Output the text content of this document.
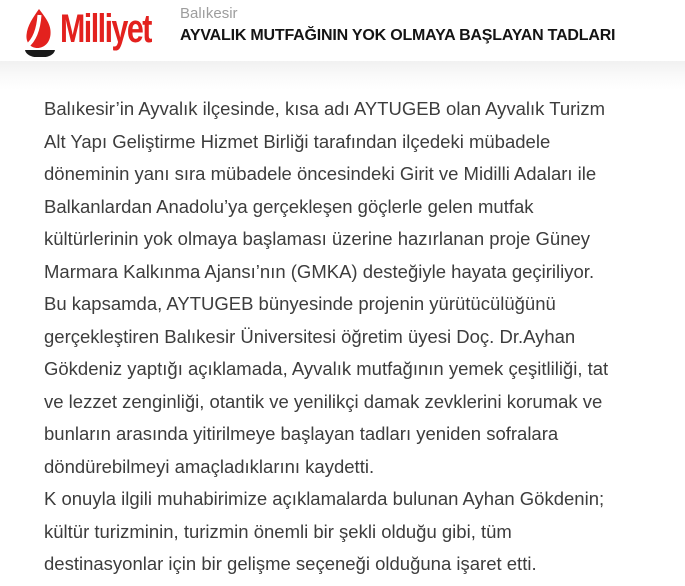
Milliyet Balıkesir
AYVALIK MUTFAĞININ YOK OLMAYA BAŞLAYAN TADLARI

Balıkesir’in Ayvalık ilçesinde, kısa adı AYTUGEB olan Ayvalık Turizm
Alt Yapı Geliştirme Hizmet Birliği tarafından ilçedeki mübadele
döneminin yanı sıra mübadele öncesindeki Girit ve Midilli Adaları ile
Balkanlardan Anadolu’ya gerçekleşen göçlerle gelen mutfak
kültürlerinin yok olmaya başlaması üzerine hazırlanan proje Güney
Marmara Kalkınma Ajansı’nın (GMKA) desteğiyle hayata geçiriliyor.
Bu kapsamda, AYTUGEB bünyesinde projenin yürütücülüğünü
gerçekleştiren Balıkesir Üniversitesi öğretim üyesi Doç. Dr.Ayhan
Gökdeniz yaptığı açıklamada, Ayvalık mutfağının yemek çeşitliliği, tat
ve lezzet zenginliği, otantik ve yenilikçi damak zevklerini korumak ve
bunların arasında yitirilmeye başlayan tadları yeniden sofralara
döndürebilmeyi amaçladıklarını kaydetti.

K onuyla ilgili muhabirimize açıklamalarda bulunan Ayhan Gökdenin;
kültür turizminin, turizmin önemli bir şekli olduğu gibi, tüm
destinasyonlar için bir gelişme seçeneği olduğuna işaret etti.
